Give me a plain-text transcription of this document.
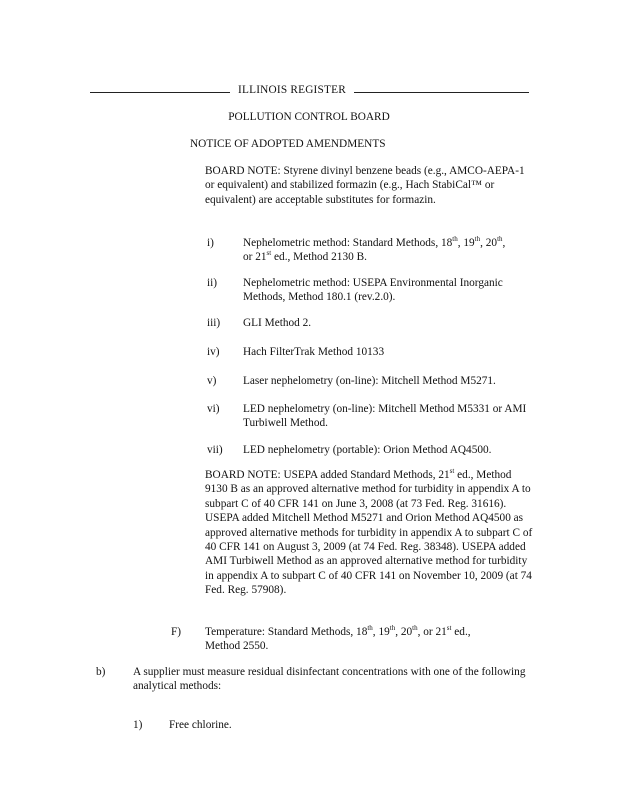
ILLINOIS REGISTER
POLLUTION CONTROL BOARD
NOTICE OF ADOPTED AMENDMENTS
BOARD NOTE: Styrene divinyl benzene beads (e.g., AMCO-AEPA-1 or equivalent) and stabilized formazin (e.g., Hach StabiCal™ or equivalent) are acceptable substitutes for formazin.
i)	Nephelometric method: Standard Methods, 18th, 19th, 20th,
or 21st ed., Method 2130 B.
ii) Nephelometric method: USEPA Environmental Inorganic Methods, Method 180.1 (rev.2.0).
iii) GLI Method 2.
iv) Hach FilterTrak Method 10133
v) Laser nephelometry (on-line): Mitchell Method M5271.
vi) LED nephelometry (on-line): Mitchell Method M5331 or AMI Turbiwell Method.
vii) LED nephelometry (portable): Orion Method AQ4500.
BOARD NOTE: USEPA added Standard Methods, 21st ed., Method 9130 B as an approved alternative method for turbidity in appendix A to subpart C of 40 CFR 141 on June 3, 2008 (at 73 Fed. Reg. 31616). USEPA added Mitchell Method M5271 and Orion Method AQ4500 as approved alternative methods for turbidity in appendix A to subpart C of 40 CFR 141 on August 3, 2009 (at 74 Fed. Reg. 38348). USEPA added AMI Turbiwell Method as an approved alternative method for turbidity in appendix A to subpart C of 40 CFR 141 on November 10, 2009 (at 74 Fed. Reg. 57908).
F) Temperature: Standard Methods, 18th, 19th, 20th, or 21st ed.,
Method 2550.
b) A supplier must measure residual disinfectant concentrations with one of the following analytical methods:
1) Free chlorine.
